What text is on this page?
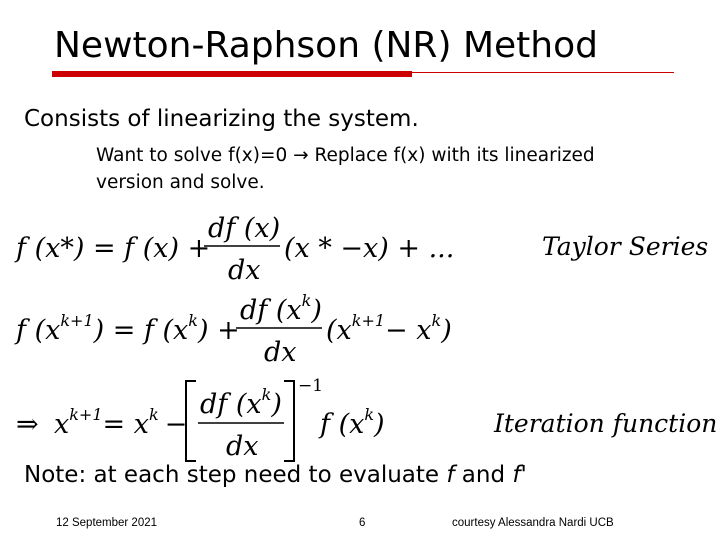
Newton-Raphson (NR) Method
Consists of linearizing the system.
Want to solve f(x)=0 → Replace f(x) with its linearized version and solve.
f (x*) = f (x) +
df (x)
dx
(x * −x) + ...	Taylor Series
f $(x^{k+1}) = f$ $(x^k)$ +
df $(x^k)$
dx
$(x^{k+1}- x^k)$
⇒ $x^{k+1}= x^k$ −
df $(x^k)$
dx
−1
f $(x^k)$	Iteration function
Note: at each step need to evaluate f and f'
12 September 2021	6	courtesy Alessandra Nardi UCB
